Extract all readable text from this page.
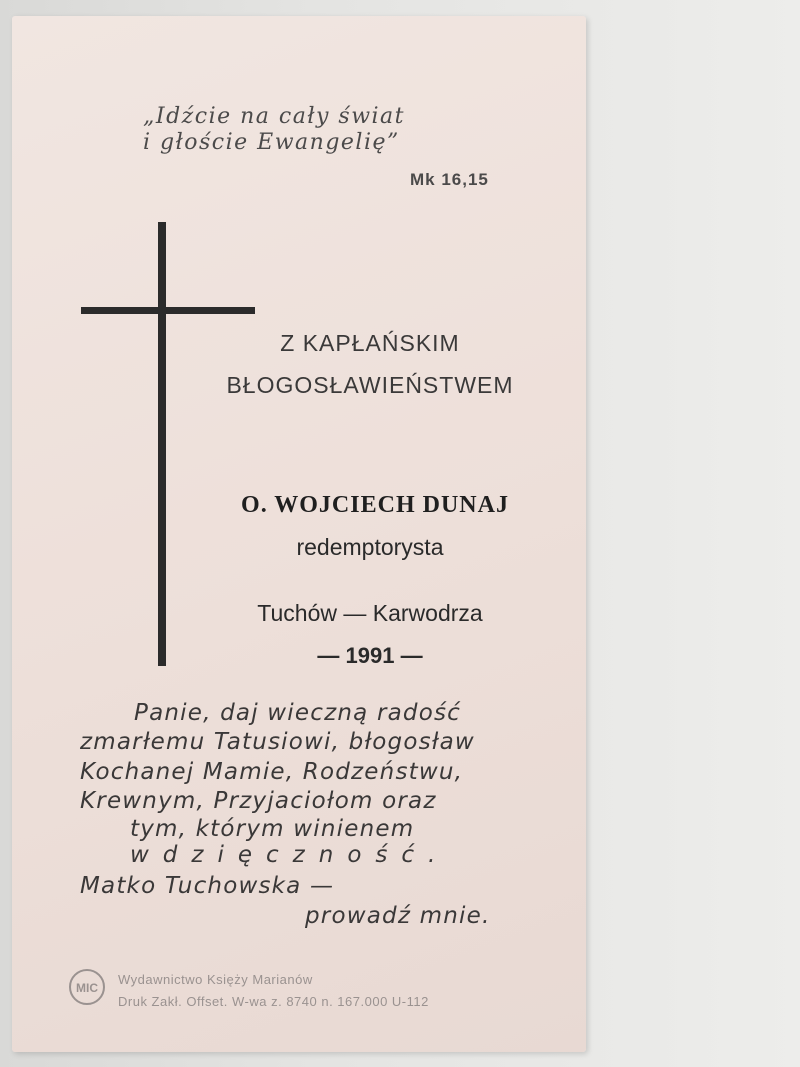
„Idźcie na cały świat
i głoście Ewangelię”
Mk 16,15
Z KAPŁAŃSKIM
BŁOGOSŁAWIEŃSTWEM
O. WOJCIECH DUNAJ
redemptorysta
Tuchów — Karwodrza
— 1991 —
Panie, daj wieczną radość
zmarłemu Tatusiowi, błogosław
Kochanej Mamie, Rodzeństwu,
Krewnym, Przyjaciołom oraz
tym, którym winienem
wdzięczność.
Matko Tuchowska —
prowadź mnie.
MIC
Wydawnictwo Księży Marianów
Druk Zakł. Offset. W-wa z. 8740 n. 167.000 U-112
